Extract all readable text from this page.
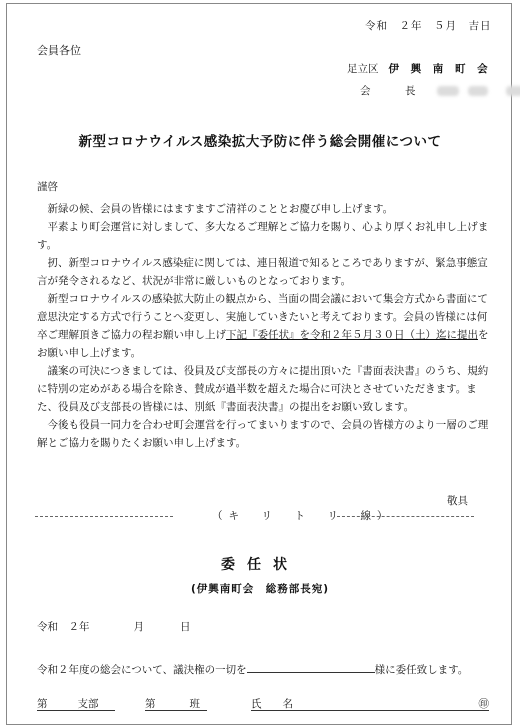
令和　２年　５月　吉日
会員各位
足立区 伊 興 南 町 会
会　長
新型コロナウイルス感染拡大予防に伴う総会開催について
謹啓

新緑の候、会員の皆様にはますますご清祥のこととお慶び申し上げます。

平素より町会運営に対しまして、多大なるご理解とご協力を賜り、心より厚くお礼申し上げます。

扨、新型コロナウイルス感染症に関しては、連日報道で知るところでありますが、緊急事態宣言が発令されるなど、状況が非常に厳しいものとなっております。

新型コロナウイルスの感染拡大防止の観点から、当面の間会議において集会方式から書面にて意思決定する方式で行うことへ変更し、実施していきたいと考えております。会員の皆様には何卒ご理解頂きご協力の程お願い申し上げ下記『委任状』を令和２年５月３０日（土）迄に提出をお願い申し上げます。

議案の可決につきましては、役員及び支部長の方々に提出頂いた『書面表決書』のうち、規約に特別の定めがある場合を除き、賛成が過半数を超えた場合に可決とさせていただきます。また、役員及び支部長の皆様には、別紙『書面表決書』の提出をお願い致します。

今後も役員一同力を合わせ町会運営を行ってまいりますので、会員の皆様方のより一層のご理解とご協力を賜りたくお願い申し上げます。

敬具
（キ　リ　ト　リ　線）
委任状
(伊興南町会　総務部長宛)
令和　２年	月	日
令和２年度の総会について、議決権の一切を	様に委任致します。
第	支部	第	班	氏　　名	㊞
